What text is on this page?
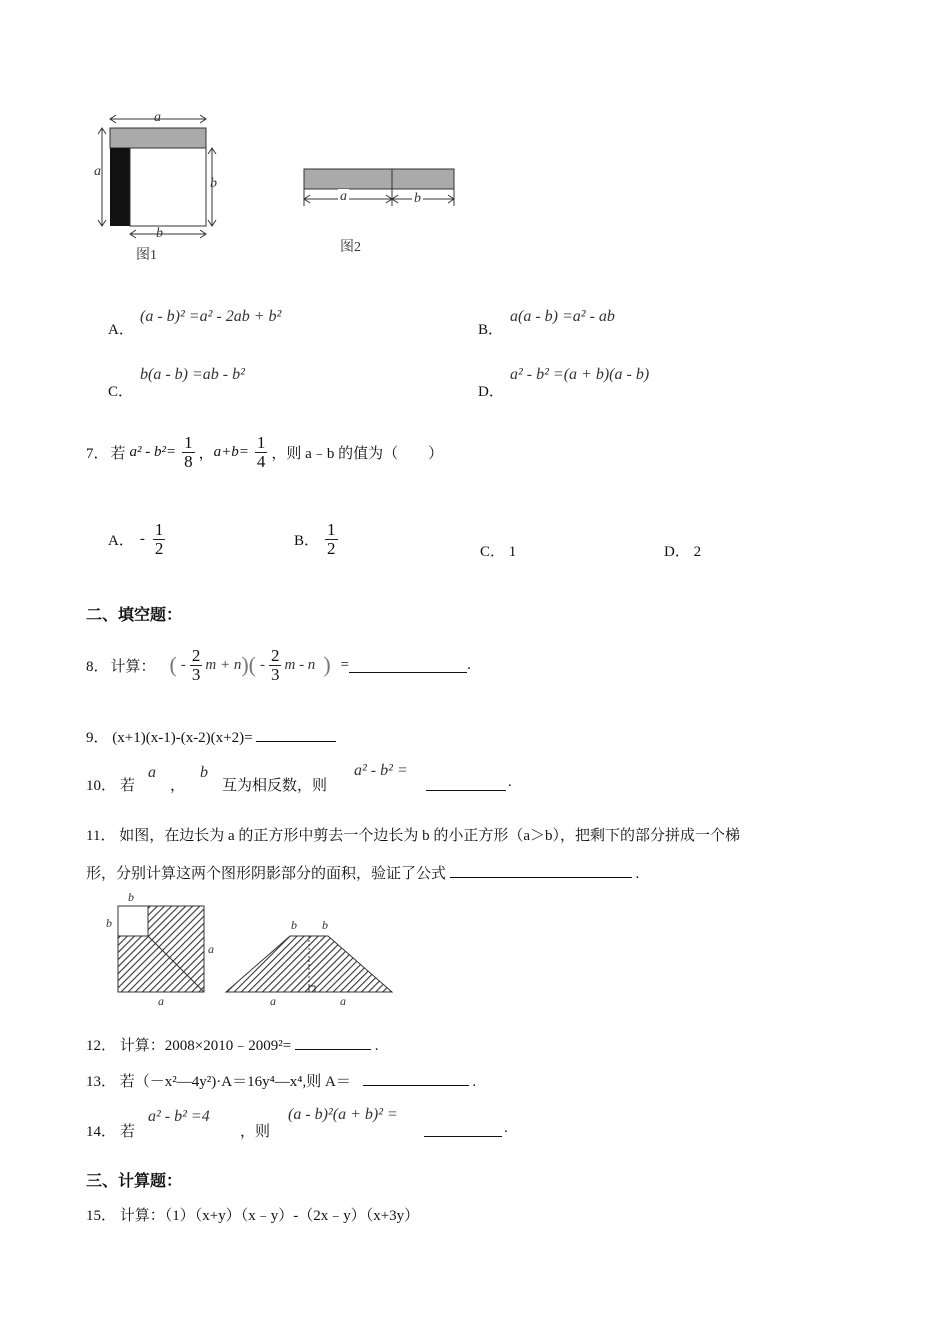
a
a
b
b
图1
a	b
图2
A．
(a - b)² =a² - 2ab + b²
B．
a(a - b) =a² - ab
C．
b(a - b) =ab - b²
D．
a² - b² =(a + b)(a - b)
7． 若 $a^2 - b^2= \frac{1}{8}$ ， $a+b= \frac{1}{4}$ ，则 a﹣b 的值为（　　）
A． - $\frac{1}{2}$	B． $\frac{1}{2}$	C． 1	D． 2
二、填空题：
8． 计算： ( - $\frac{2}{3}$ m + n ) ( - $\frac{2}{3}$ m - n ) =	.
9． (x+1)(x-1)-(x-2)(x+2)=
10． 若
a
，
b
互为相反数，则
a² - b² =
.
11． 如图，在边长为 a 的正方形中剪去一个边长为 b 的小正方形（a＞b），把剩下的部分拼成一个梯
形，分别计算这两个图形阴影部分的面积，验证了公式	.
b
b
a
a
b b
a	a
12． 计算：2008×2010﹣2009²=	.
13． 若（－x²—4y²)·A＝16y⁴—x⁴,则 A＝	.
14． 若
a² - b² =4
，则
(a - b)²(a + b)² =
.
三、计算题：
15． 计算：（1）（x+y）（x﹣y）-（2x﹣y）（x+3y）
